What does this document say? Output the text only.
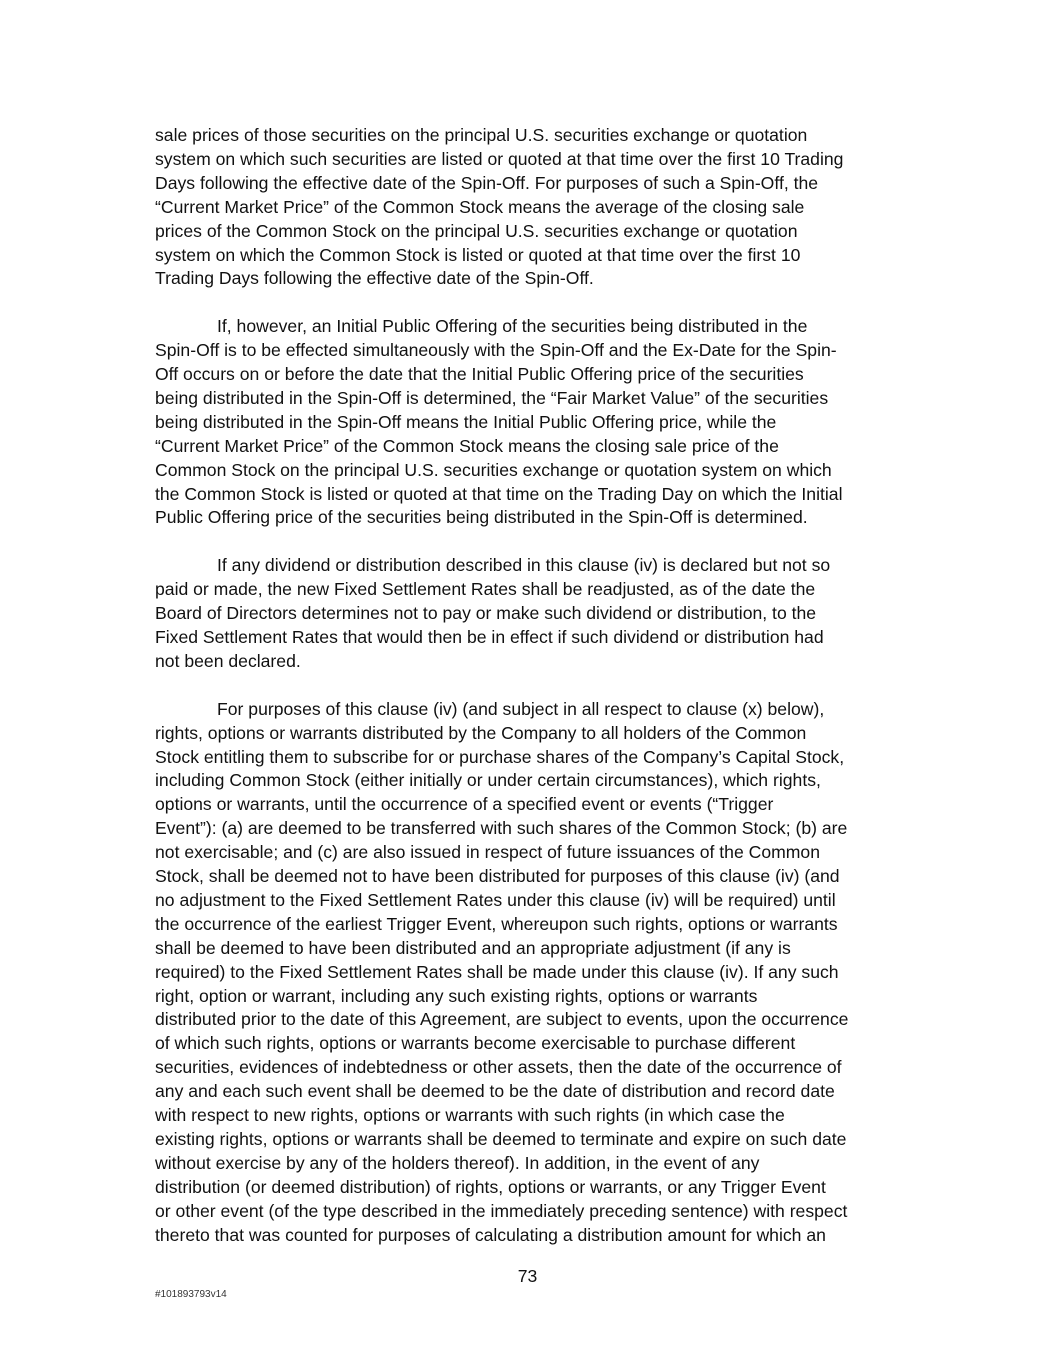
sale prices of those securities on the principal U.S. securities exchange or quotation
system on which such securities are listed or quoted at that time over the first 10 Trading
Days following the effective date of the Spin-Off. For purposes of such a Spin-Off, the
“Current Market Price” of the Common Stock means the average of the closing sale
prices of the Common Stock on the principal U.S. securities exchange or quotation
system on which the Common Stock is listed or quoted at that time over the first 10
Trading Days following the effective date of the Spin-Off.

If, however, an Initial Public Offering of the securities being distributed in the
Spin-Off is to be effected simultaneously with the Spin-Off and the Ex-Date for the Spin-
Off occurs on or before the date that the Initial Public Offering price of the securities
being distributed in the Spin-Off is determined, the “Fair Market Value” of the securities
being distributed in the Spin-Off means the Initial Public Offering price, while the
“Current Market Price” of the Common Stock means the closing sale price of the
Common Stock on the principal U.S. securities exchange or quotation system on which
the Common Stock is listed or quoted at that time on the Trading Day on which the Initial
Public Offering price of the securities being distributed in the Spin-Off is determined.

If any dividend or distribution described in this clause (iv) is declared but not so
paid or made, the new Fixed Settlement Rates shall be readjusted, as of the date the
Board of Directors determines not to pay or make such dividend or distribution, to the
Fixed Settlement Rates that would then be in effect if such dividend or distribution had
not been declared.

For purposes of this clause (iv) (and subject in all respect to clause (x) below),
rights, options or warrants distributed by the Company to all holders of the Common
Stock entitling them to subscribe for or purchase shares of the Company’s Capital Stock,
including Common Stock (either initially or under certain circumstances), which rights,
options or warrants, until the occurrence of a specified event or events (“Trigger
Event”): (a) are deemed to be transferred with such shares of the Common Stock; (b) are
not exercisable; and (c) are also issued in respect of future issuances of the Common
Stock, shall be deemed not to have been distributed for purposes of this clause (iv) (and
no adjustment to the Fixed Settlement Rates under this clause (iv) will be required) until
the occurrence of the earliest Trigger Event, whereupon such rights, options or warrants
shall be deemed to have been distributed and an appropriate adjustment (if any is
required) to the Fixed Settlement Rates shall be made under this clause (iv). If any such
right, option or warrant, including any such existing rights, options or warrants
distributed prior to the date of this Agreement, are subject to events, upon the occurrence
of which such rights, options or warrants become exercisable to purchase different
securities, evidences of indebtedness or other assets, then the date of the occurrence of
any and each such event shall be deemed to be the date of distribution and record date
with respect to new rights, options or warrants with such rights (in which case the
existing rights, options or warrants shall be deemed to terminate and expire on such date
without exercise by any of the holders thereof). In addition, in the event of any
distribution (or deemed distribution) of rights, options or warrants, or any Trigger Event
or other event (of the type described in the immediately preceding sentence) with respect
thereto that was counted for purposes of calculating a distribution amount for which an

73
#101893793v14
